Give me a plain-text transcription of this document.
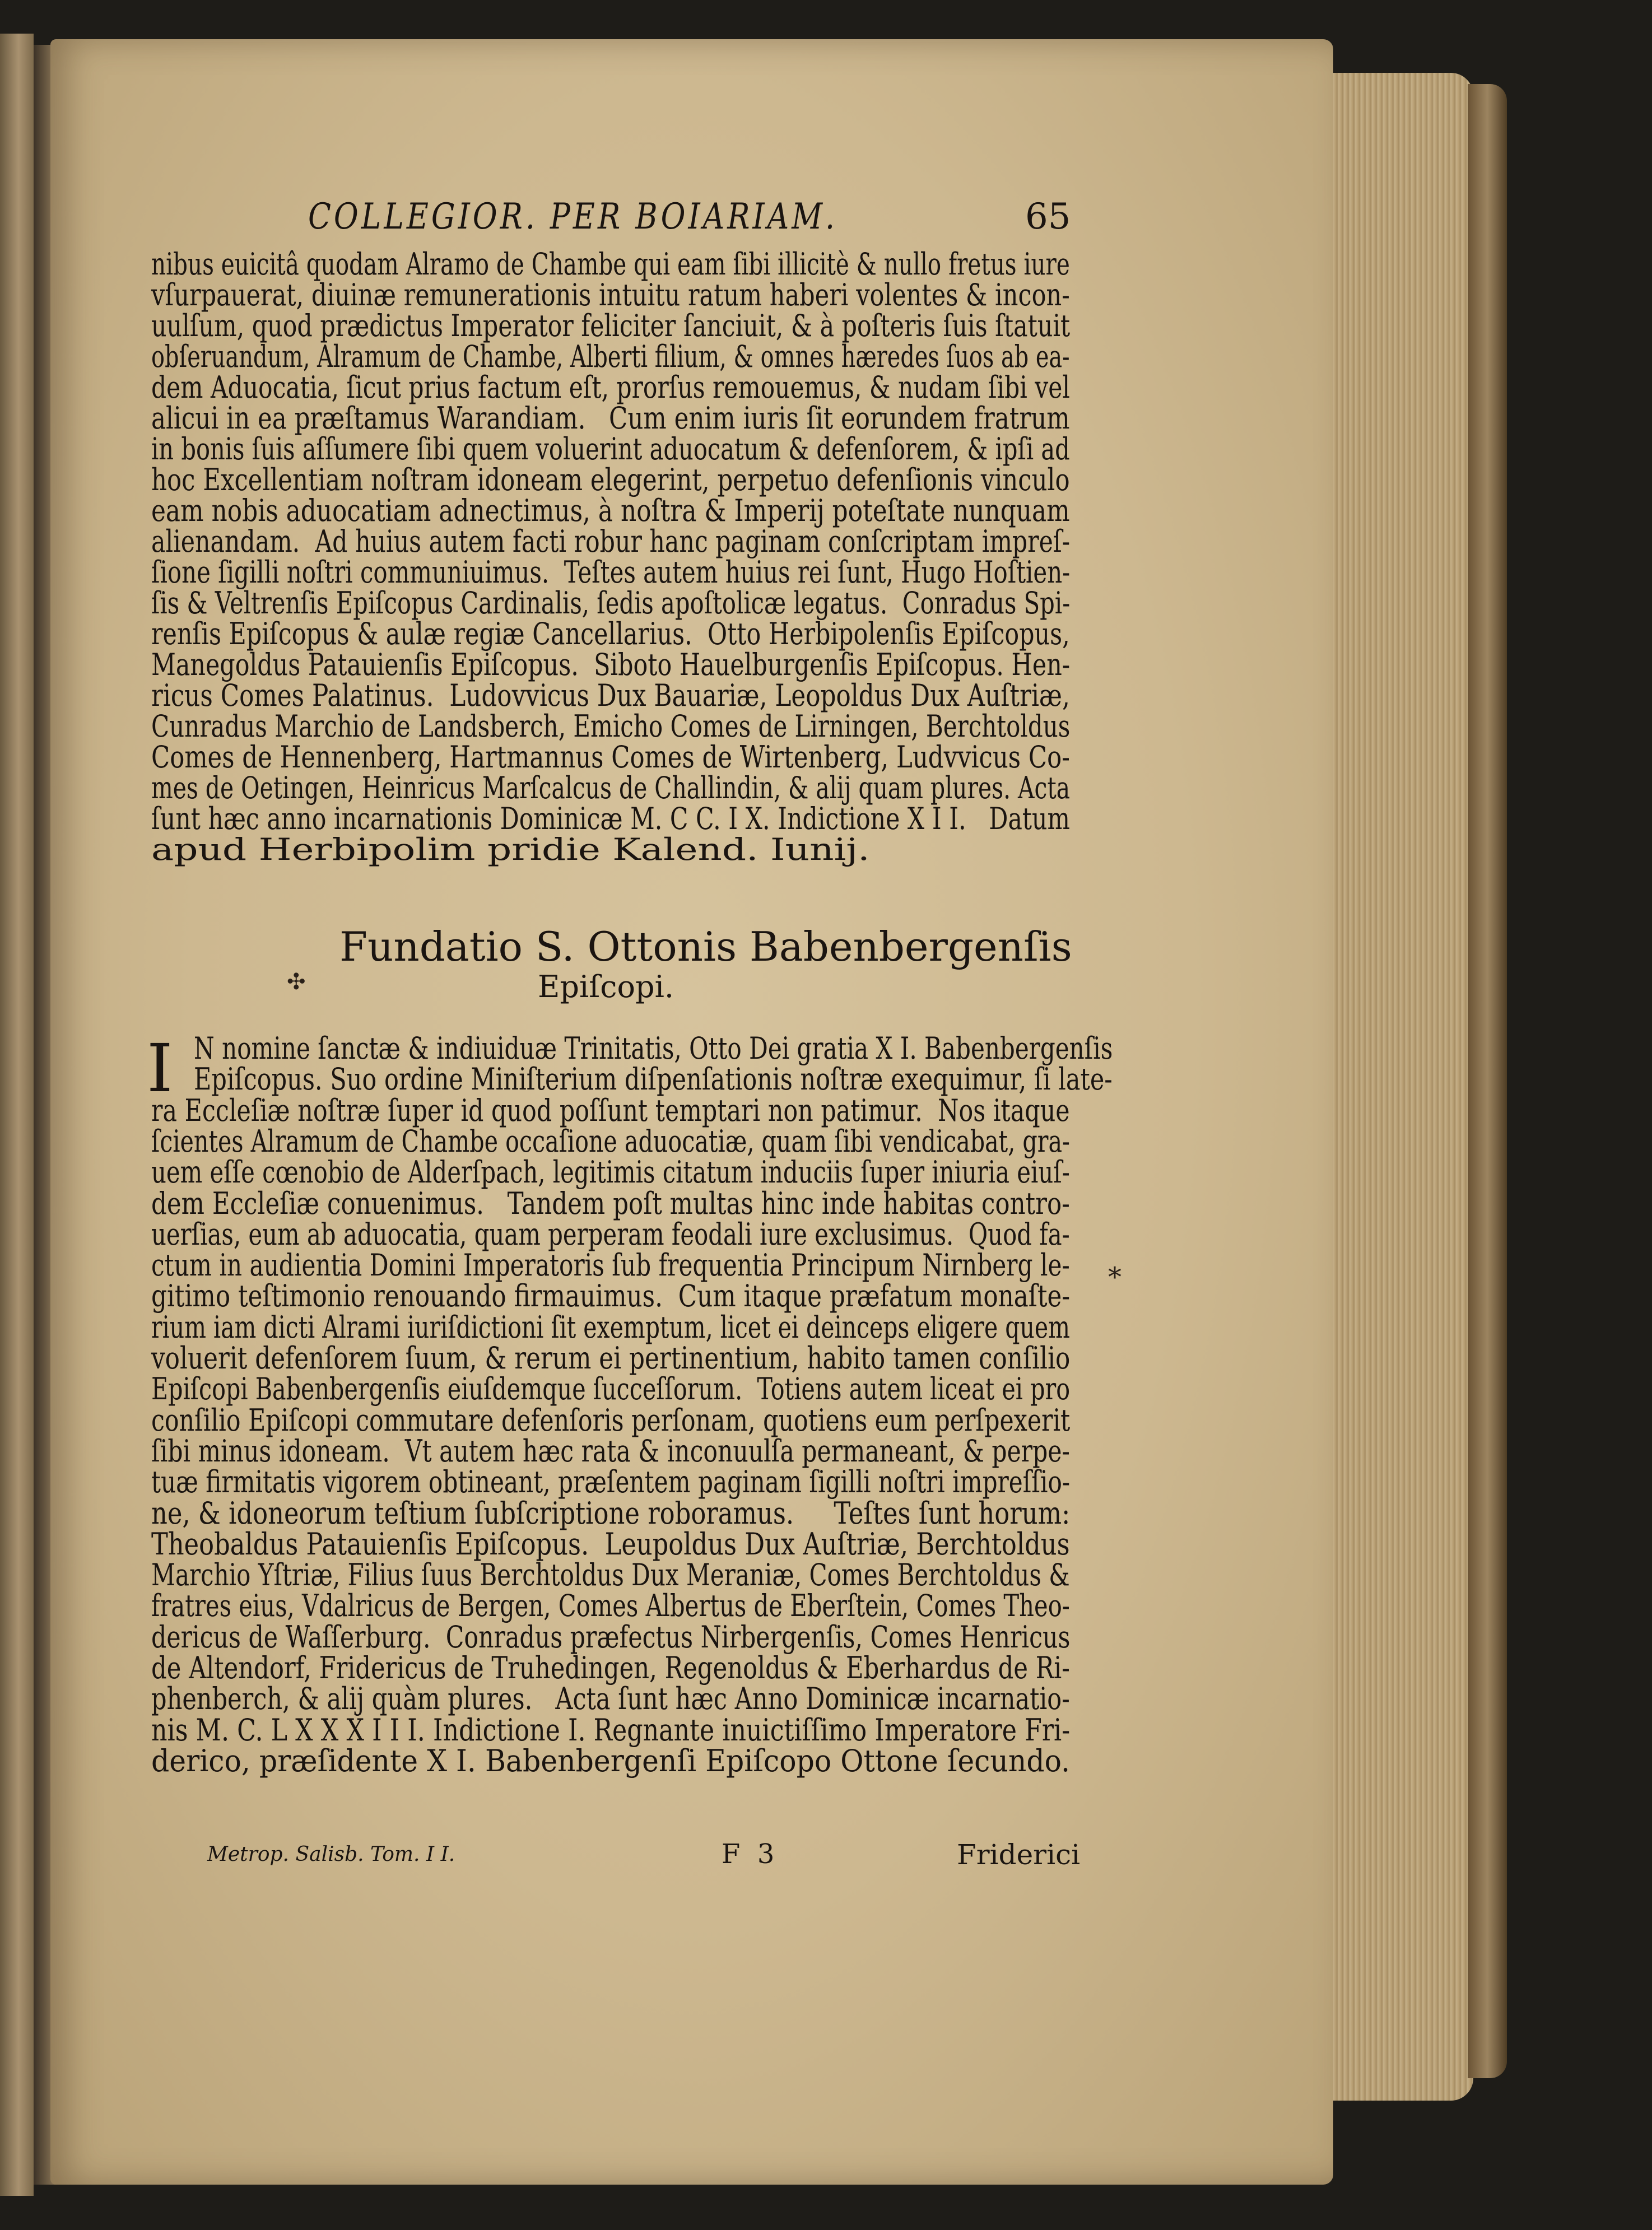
COLLEGIOR. PER BOIARIAM.	65
nibus euicitâ quodam Alramo de Chambe qui eam ſibi illicitè & nullo fretus iure
vſurpauerat, diuinæ remunerationis intuitu ratum haberi volentes & incon-
uulſum, quod prædictus Imperator feliciter ſanciuit, & à poſteris ſuis ſtatuit
obſeruandum, Alramum de Chambe, Alberti filium, & omnes hæredes ſuos ab ea-
dem Aduocatia, ſicut prius factum eſt, prorſus remouemus, & nudam ſibi vel
alicui in ea præſtamus Warandiam.   Cum enim iuris ſit eorundem fratrum
in bonis ſuis aſſumere ſibi quem voluerint aduocatum & defenſorem, & ipſi ad
hoc Excellentiam noſtram idoneam elegerint, perpetuo defenſionis vinculo
eam nobis aduocatiam adnectimus, à noſtra & Imperij poteſtate nunquam
alienandam.  Ad huius autem facti robur hanc paginam conſcriptam impreſ-
ſione ſigilli noſtri communiuimus.  Teſtes autem huius rei ſunt, Hugo Hoſtien-
ſis & Veltrenſis Epiſcopus Cardinalis, ſedis apoſtolicæ legatus.  Conradus Spi-
renſis Epiſcopus & aulæ regiæ Cancellarius.  Otto Herbipolenſis Epiſcopus,
Manegoldus Patauienſis Epiſcopus.  Siboto Hauelburgenſis Epiſcopus. Hen-
ricus Comes Palatinus.  Ludovvicus Dux Bauariæ, Leopoldus Dux Auſtriæ,
Cunradus Marchio de Landsberch, Emicho Comes de Lirningen, Berchtoldus
Comes de Hennenberg, Hartmannus Comes de Wirtenberg, Ludvvicus Co-
mes de Oetingen, Heinricus Marſcalcus de Challindin, & alij quam plures. Acta
ſunt hæc anno incarnationis Dominicæ M. C C. I X. Indictione X I I.   Datum
apud Herbipolim pridie Kalend. Iunij.
Fundatio S. Ottonis Babenbergenſis
Epiſcopi.
✣
I N nomine ſanctæ & indiuiduæ Trinitatis, Otto Dei gratia X I. Babenbergenſis
Epiſcopus. Suo ordine Miniſterium diſpenſationis noſtræ exequimur, ſi late-
ra Eccleſiæ noſtræ ſuper id quod poſſunt temptari non patimur.  Nos itaque
ſcientes Alramum de Chambe occaſione aduocatiæ, quam ſibi vendicabat, gra-
uem eſſe cœnobio de Alderſpach, legitimis citatum induciis ſuper iniuria eiuſ-
dem Eccleſiæ conuenimus.   Tandem poſt multas hinc inde habitas contro-
uerſias, eum ab aduocatia, quam perperam feodali iure exclusimus.  Quod fa-
ctum in audientia Domini Imperatoris ſub frequentia Principum Nirnberg le-
gitimo teſtimonio renouando firmauimus.  Cum itaque præfatum monaſte-
rium iam dicti Alrami iuriſdictioni ſit exemptum, licet ei deinceps eligere quem
voluerit defenſorem ſuum, & rerum ei pertinentium, habito tamen conſilio
Epiſcopi Babenbergenſis eiuſdemque ſucceſſorum.  Totiens autem liceat ei pro
conſilio Epiſcopi commutare defenſoris perſonam, quotiens eum perſpexerit
ſibi minus idoneam.  Vt autem hæc rata & inconuulſa permaneant, & perpe-
tuæ firmitatis vigorem obtineant, præſentem paginam ſigilli noſtri impreſſio-
ne, & idoneorum teſtium ſubſcriptione roboramus.     Teſtes ſunt horum:
Theobaldus Patauienſis Epiſcopus.  Leupoldus Dux Auſtriæ, Berchtoldus
Marchio Yſtriæ, Filius ſuus Berchtoldus Dux Meraniæ, Comes Berchtoldus &
fratres eius, Vdalricus de Bergen, Comes Albertus de Eberſtein, Comes Theo-
dericus de Waſſerburg.  Conradus præfectus Nirbergenſis, Comes Henricus
de Altendorf, Fridericus de Truhedingen, Regenoldus & Eberhardus de Ri-
phenberch, & alij quàm plures.   Acta ſunt hæc Anno Dominicæ incarnatio-
nis M. C. L X X X I I I. Indictione I. Regnante inuictiſſimo Imperatore Fri-
derico, præſidente X I. Babenbergenſi Epiſcopo Ottone ſecundo.
*
Metrop. Salisb. Tom. I I.	F  3	Friderici
